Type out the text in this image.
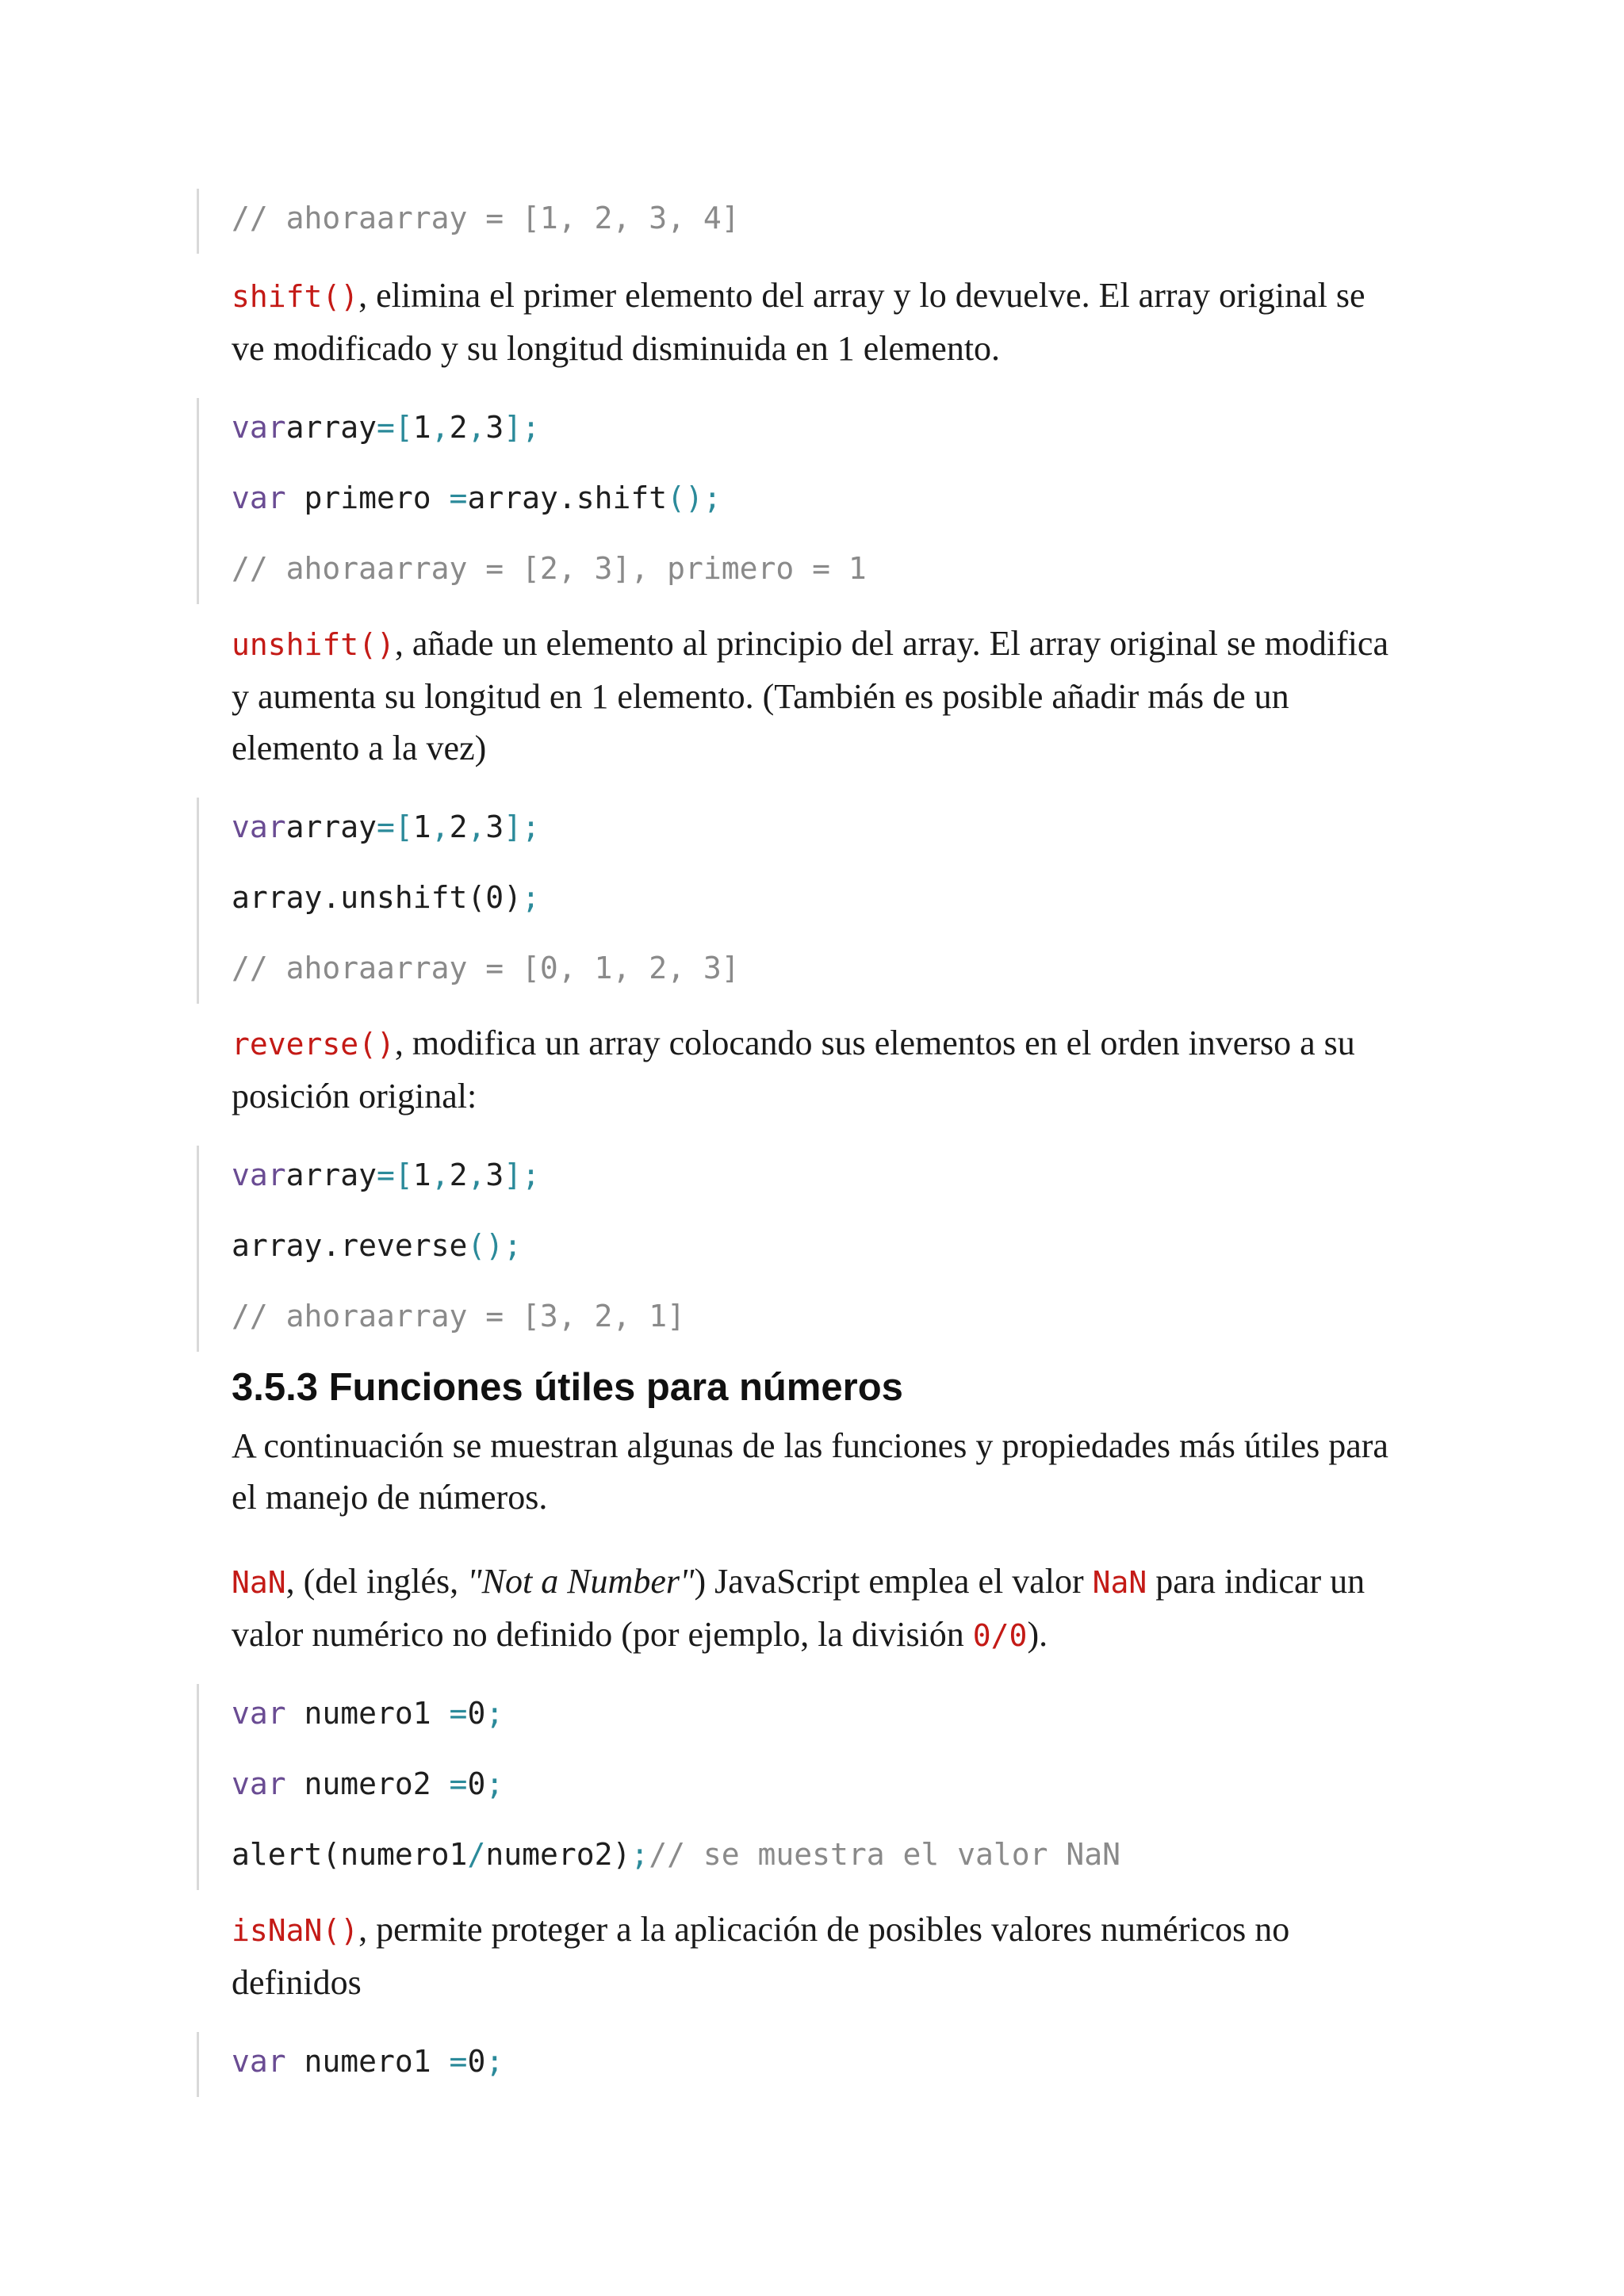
// ahoraarray = [1, 2, 3, 4]
shift(), elimina el primer elemento del array y lo devuelve. El array original se ve modificado y su longitud disminuida en 1 elemento.
vararray=[1,2,3];
var primero =array.shift();
// ahoraarray = [2, 3], primero = 1
unshift(), añade un elemento al principio del array. El array original se modifica y aumenta su longitud en 1 elemento. (También es posible añadir más de un elemento a la vez)
vararray=[1,2,3];
array.unshift(0);
// ahoraarray = [0, 1, 2, 3]
reverse(), modifica un array colocando sus elementos en el orden inverso a su posición original:
vararray=[1,2,3];
array.reverse();
// ahoraarray = [3, 2, 1]
3.5.3 Funciones útiles para números
A continuación se muestran algunas de las funciones y propiedades más útiles para el manejo de números.
NaN, (del inglés, "Not a Number") JavaScript emplea el valor NaN para indicar un valor numérico no definido (por ejemplo, la división 0/0).
var numero1 =0;
var numero2 =0;
alert(numero1/numero2);// se muestra el valor NaN
isNaN(), permite proteger a la aplicación de posibles valores numéricos no definidos
var numero1 =0;
